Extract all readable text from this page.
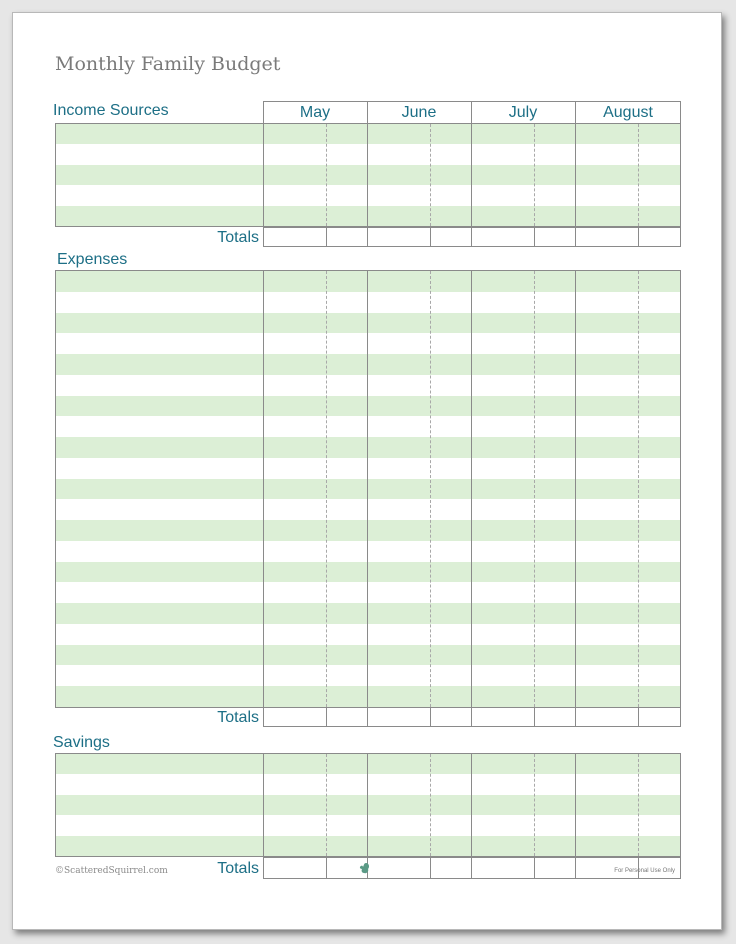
Monthly Family Budget
May	June	July	August
Income Sources
Totals
Expenses
Totals
Savings
Totals
©ScatteredSquirrel.com	For Personal Use Only
